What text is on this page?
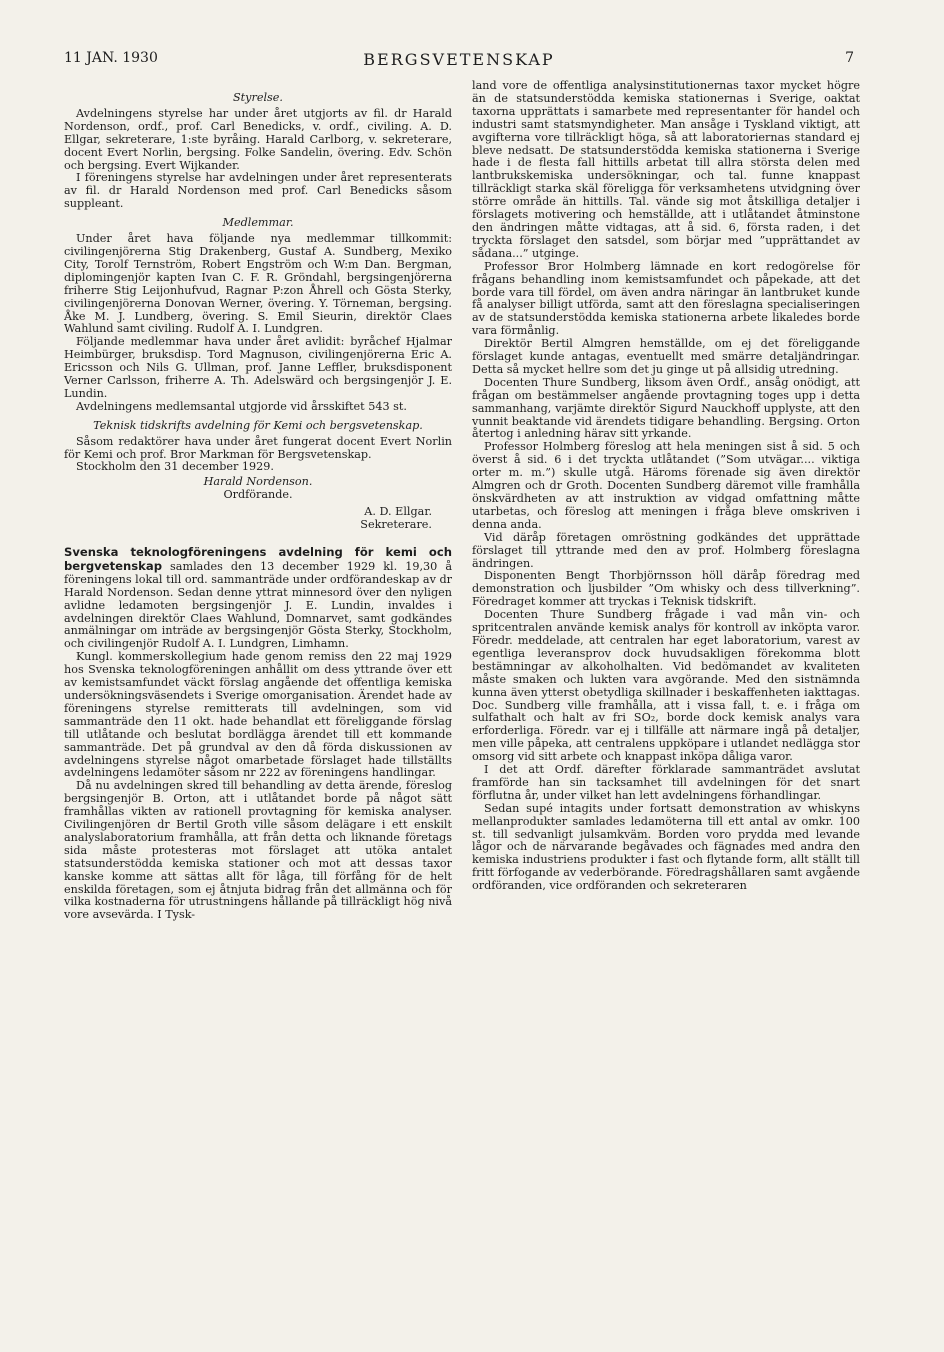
11 JAN. 1930	BERGSVETENSKAP	7

Styrelse.

Avdelningens styrelse har under året utgjorts av fil. dr Harald Nordenson, ordf., prof. Carl Benedicks, v. ordf., civiling. A. D. Ellgar, sekreterare, 1:ste byråing. Harald Carlborg, v. sekreterare, docent Evert Norlin, bergsing. Folke Sandelin, övering. Edv. Schön och bergsing. Evert Wijkander.

I föreningens styrelse har avdelningen under året representerats av fil. dr Harald Nordenson med prof. Carl Benedicks såsom suppleant.

Medlemmar.

Under året hava följande nya medlemmar tillkommit: civilingenjörerna Stig Drakenberg, Gustaf A. Sundberg, Mexiko City, Torolf Ternström, Robert Engström och W:m Dan. Bergman, diplomingenjör kapten Ivan C. F. R. Gröndahl, bergsingenjörerna friherre Stig Leijonhufvud, Ragnar P:zon Åhrell och Gösta Sterky, civilingenjörerna Donovan Werner, övering. Y. Törneman, bergsing. Åke M. J. Lundberg, övering. S. Emil Sieurin, direktör Claes Wahlund samt civiling. Rudolf A. I. Lundgren.

Följande medlemmar hava under året avlidit: byråchef Hjalmar Heimbürger, bruksdisp. Tord Magnuson, civilingenjörerna Eric A. Ericsson och Nils G. Ullman, prof. Janne Leffler, bruksdisponent Verner Carlsson, friherre A. Th. Adelswärd och bergsingenjör J. E. Lundin.

Avdelningens medlemsantal utgjorde vid årsskiftet 543 st.

Teknisk tidskrifts avdelning för Kemi och bergsvetenskap.

Såsom redaktörer hava under året fungerat docent Evert Norlin för Kemi och prof. Bror Markman för Bergsvetenskap.

Stockholm den 31 december 1929.

Harald Nordenson.

Ordförande.

A. D. Ellgar.

Sekreterare.

Svenska teknologföreningens avdelning för kemi och bergvetenskap samlades den 13 december 1929 kl. 19,30 å föreningens lokal till ord. sammanträde under ordförandeskap av dr Harald Nordenson. Sedan denne yttrat minnesord över den nyligen avlidne ledamoten bergsingenjör J. E. Lundin, invaldes i avdelningen direktör Claes Wahlund, Domnarvet, samt godkändes anmälningar om inträde av bergsingenjör Gösta Sterky, Stockholm, och civilingenjör Rudolf A. I. Lundgren, Limhamn.

Kungl. kommerskollegium hade genom remiss den 22 maj 1929 hos Svenska teknologföreningen anhållit om dess yttrande över ett av kemistsamfundet väckt förslag angående det offentliga kemiska undersökningsväsendets i Sverige omorganisation. Ärendet hade av föreningens styrelse remitterats till avdelningen, som vid sammanträde den 11 okt. hade behandlat ett föreliggande förslag till utlåtande och beslutat bordlägga ärendet till ett kommande sammanträde. Det på grundval av den då förda diskussionen av avdelningens styrelse något omarbetade förslaget hade tillställts avdelningens ledamöter såsom nr 222 av föreningens handlingar.

Då nu avdelningen skred till behandling av detta ärende, föreslog bergsingenjör B. Orton, att i utlåtandet borde på något sätt framhållas vikten av rationell provtagning för kemiska analyser. Civilingenjören dr Bertil Groth ville såsom delägare i ett enskilt analyslaboratorium framhålla, att från detta och liknande företags sida måste protesteras mot förslaget att utöka antalet statsunderstödda kemiska stationer och mot att dessas taxor kanske komme att sättas allt för låga, till förfång för de helt enskilda företagen, som ej åtnjuta bidrag från det allmänna och för vilka kostnaderna för utrustningens hållande på tillräckligt hög nivå vore avsevärda. I Tysk-

land vore de offentliga analysinstitutionernas taxor mycket högre än de statsunderstödda kemiska stationernas i Sverige, oaktat taxorna upprättats i samarbete med representanter för handel och industri samt statsmyndigheter. Man ansåge i Tyskland viktigt, att avgifterna vore tillräckligt höga, så att laboratoriernas standard ej bleve nedsatt. De statsunderstödda kemiska stationerna i Sverige hade i de flesta fall hittills arbetat till allra största delen med lantbrukskemiska undersökningar, och tal. funne knappast tillräckligt starka skäl föreligga för verksamhetens utvidgning över större område än hittills. Tal. vände sig mot åtskilliga detaljer i förslagets motivering och hemställde, att i utlåtandet åtminstone den ändringen måtte vidtagas, att å sid. 6, första raden, i det tryckta förslaget den satsdel, som börjar med ”upprättandet av sådana...” utginge.

Professor Bror Holmberg lämnade en kort redogörelse för frågans behandling inom kemistsamfundet och påpekade, att det borde vara till fördel, om även andra näringar än lantbruket kunde få analyser billigt utförda, samt att den föreslagna specialiseringen av de statsunderstödda kemiska stationerna arbete likaledes borde vara förmånlig.

Direktör Bertil Almgren hemställde, om ej det föreliggande förslaget kunde antagas, eventuellt med smärre detaljändringar. Detta så mycket hellre som det ju ginge ut på allsidig utredning.

Docenten Thure Sundberg, liksom även Ordf., ansåg onödigt, att frågan om bestämmelser angående provtagning toges upp i detta sammanhang, varjämte direktör Sigurd Nauckhoff upplyste, att den vunnit beaktande vid ärendets tidigare behandling. Bergsing. Orton återtog i anledning härav sitt yrkande.

Professor Holmberg föreslog att hela meningen sist å sid. 5 och överst å sid. 6 i det tryckta utlåtandet (”Som utvägar.... viktiga orter m. m.”) skulle utgå. Häroms förenade sig även direktör Almgren och dr Groth. Docenten Sundberg däremot ville framhålla önskvärdheten av att instruktion av vidgad omfattning måtte utarbetas, och föreslog att meningen i fråga bleve omskriven i denna anda.

Vid däråp företagen omröstning godkändes det upprättade förslaget till yttrande med den av prof. Holmberg föreslagna ändringen.

Disponenten Bengt Thorbjörnsson höll däråp föredrag med demonstration och ljusbilder ”Om whisky och dess tillverkning”. Föredraget kommer att tryckas i Teknisk tidskrift.

Docenten Thure Sundberg frågade i vad mån vin- och spritcentralen använde kemisk analys för kontroll av inköpta varor. Föredr. meddelade, att centralen har eget laboratorium, varest av egentliga leveransprov dock huvudsakligen förekomma blott bestämningar av alkoholhalten. Vid bedömandet av kvaliteten måste smaken och lukten vara avgörande. Med den sistnämnda kunna även ytterst obetydliga skillnader i beskaffenheten iakttagas. Doc. Sundberg ville framhålla, att i vissa fall, t. e. i fråga om sulfathalt och halt av fri SO₂, borde dock kemisk analys vara erforderliga. Föredr. var ej i tillfälle att närmare ingå på detaljer, men ville påpeka, att centralens uppköpare i utlandet nedlägga stor omsorg vid sitt arbete och knappast inköpa dåliga varor.

I det att Ordf. därefter förklarade sammanträdet avslutat framförde han sin tacksamhet till avdelningen för det snart förflutna år, under vilket han lett avdelningens förhandlingar.

Sedan supé intagits under fortsatt demonstration av whiskyns mellanprodukter samlades ledamöterna till ett antal av omkr. 100 st. till sedvanligt julsamkväm. Borden voro prydda med levande lågor och de närvarande begåvades och fägnades med andra den kemiska industriens produkter i fast och flytande form, allt ställt till fritt förfogande av vederbörande. Föredragshållaren samt avgående ordföranden, vice ordföranden och sekreteraren
